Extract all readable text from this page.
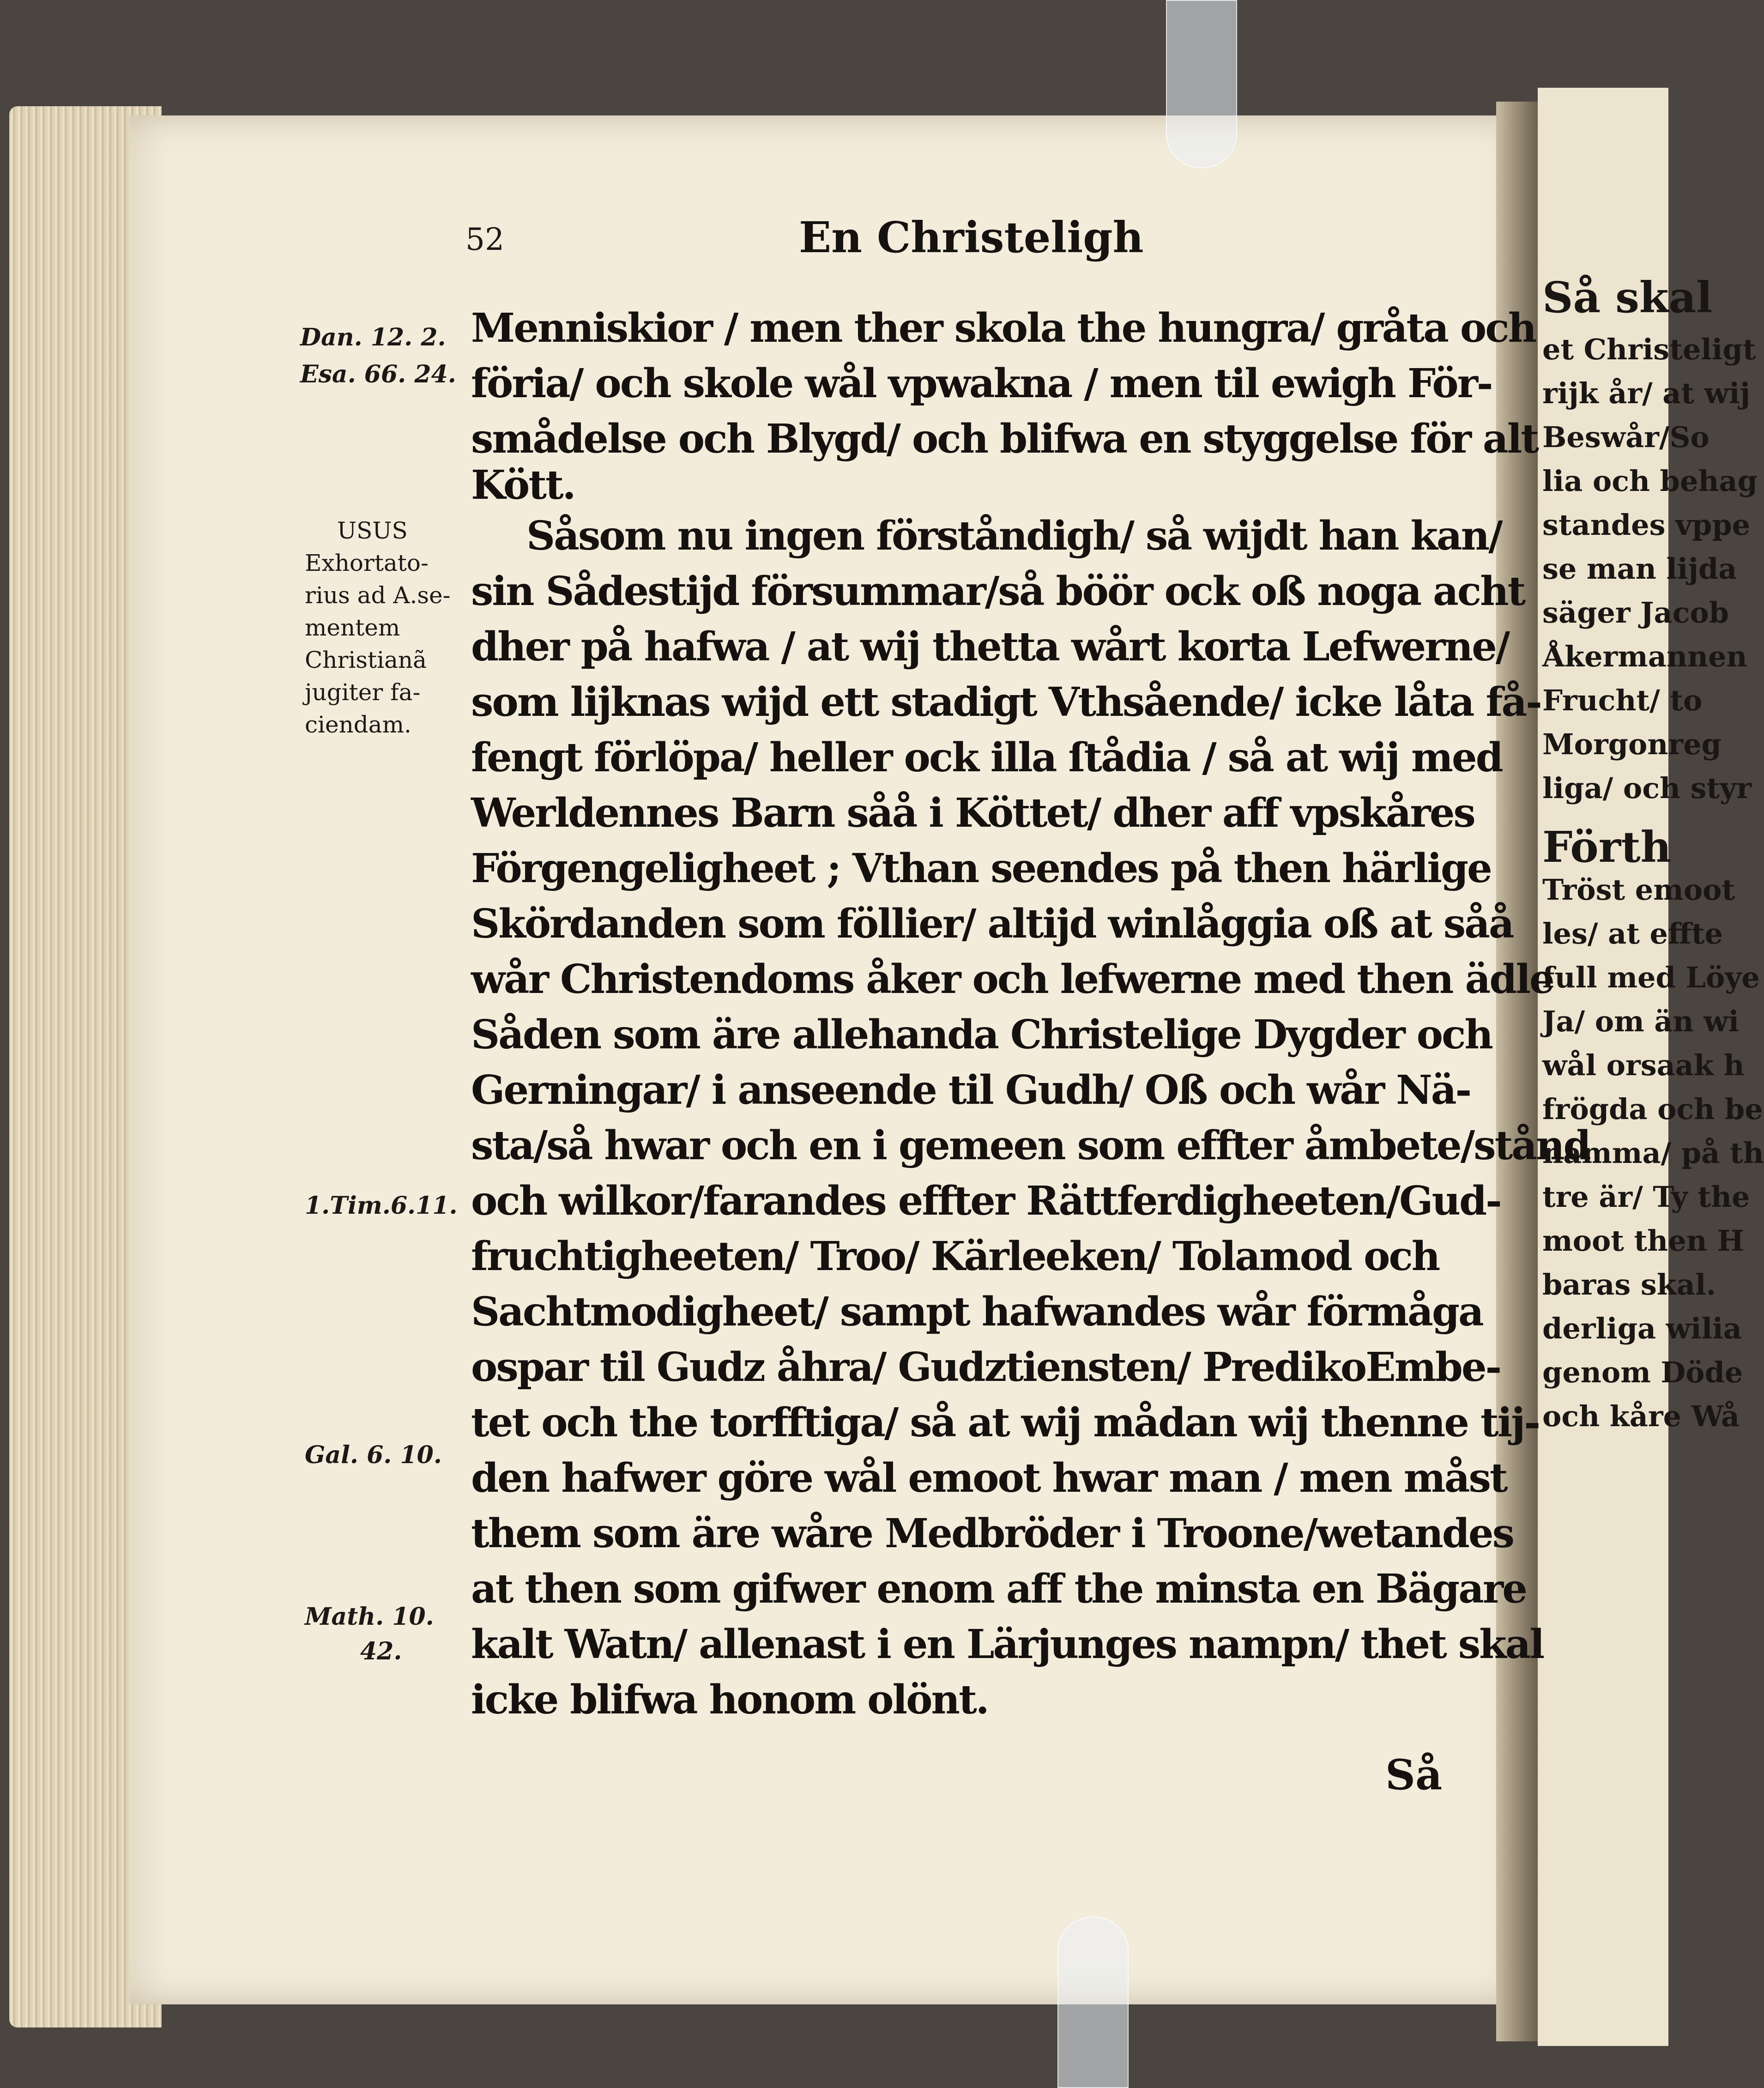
Så skal
et Christeligt
rijk år/ at wij
Beswår/So
lia och behag
standes vppe
se man lijda
säger Jacob
Åkermannen
Frucht/ to
Morgonreg
liga/ och styr
Förth
Tröst emoot
les/ at effte
full med Löye
Ja/ om än wi
wål orsaak h
frögda och be
namma/ på th
tre är/ Ty the
moot then H
baras skal.
derliga wilia
genom Döde
och kåre Wå
52	En Christeligh
Dan. 12. 2.
Esa. 66. 24.
USUS
Exhortato-
rius ad A.se-
mentem
Christianã
jugiter fa-
ciendam.
1.Tim.6.11.
Gal. 6. 10.
Math. 10.
42.
Menniskior / men ther skola the hungra/ gråta och
föria/ och skole wål vpwakna / men til ewigh För-
smådelse och Blygd/ och blifwa en styggelse för alt
Kött.
Såsom nu ingen förståndigh/ så wijdt han kan/
sin Sådestijd försummar/så böör ock oß noga acht
dher på hafwa / at wij thetta wårt korta Lefwerne/
som lijknas wijd ett stadigt Vthsående/ icke låta få-
fengt förlöpa/ heller ock illa ſtådia / så at wij med
Werldennes Barn såå i Köttet/ dher aff vpskåres
Förgengeligheet ; Vthan seendes på then härlige
Skördanden som föllier/ altijd winlåggia oß at såå
wår Christendoms åker och lefwerne med then ädle
Såden som äre allehanda Christelige Dygder och
Gerningar/ i anseende til Gudh/ Oß och wår Nä-
sta/så hwar och en i gemeen som effter åmbete/stånd
och wilkor/farandes effter Rättferdigheeten/Gud-
fruchtigheeten/ Troo/ Kärleeken/ Tolamod och
Sachtmodigheet/ sampt hafwandes wår förmåga
ospar til Gudz åhra/ Gudztiensten/ PredikoEmbe-
tet och the torfftiga/ så at wij mådan wij thenne tij-
den hafwer göre wål emoot hwar man / men måst
them som äre wåre Medbröder i Troone/wetandes
at then som gifwer enom aff the minsta en Bägare
kalt Watn/ allenast i en Lärjunges nampn/ thet skal
icke blifwa honom olönt.
Så
